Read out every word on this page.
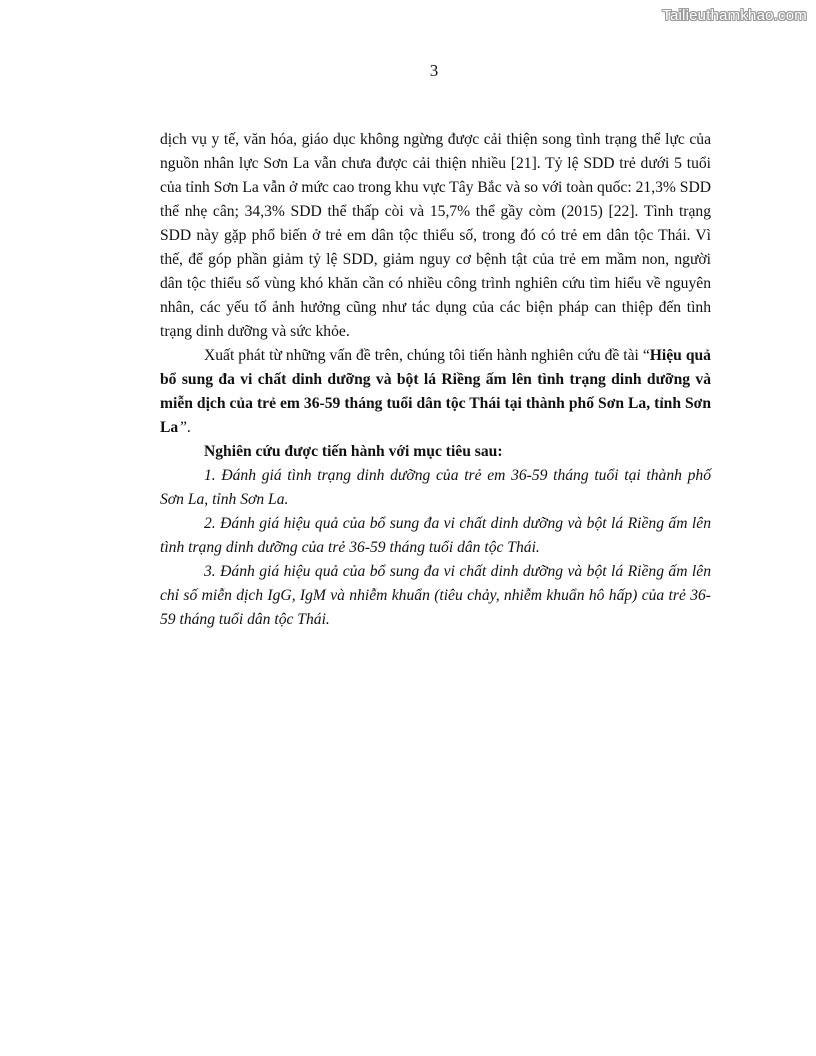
Tailieuthamkhao.com
3

dịch vụ y tế, văn hóa, giáo dục không ngừng được cải thiện song tình trạng thể lực của nguồn nhân lực Sơn La vẫn chưa được cải thiện nhiều [21]. Tỷ lệ SDD trẻ dưới 5 tuổi của tỉnh Sơn La vẫn ở mức cao trong khu vực Tây Bắc và so với toàn quốc: 21,3% SDD thể nhẹ cân; 34,3% SDD thể thấp còi và 15,7% thể gầy còm (2015) [22]. Tình trạng SDD này gặp phổ biến ở trẻ em dân tộc thiểu số, trong đó có trẻ em dân tộc Thái. Vì thế, để góp phần giảm tỷ lệ SDD, giảm nguy cơ bệnh tật của trẻ em mầm non, người dân tộc thiểu số vùng khó khăn cần có nhiều công trình nghiên cứu tìm hiểu về nguyên nhân, các yếu tố ảnh hưởng cũng như tác dụng của các biện pháp can thiệp đến tình trạng dinh dưỡng và sức khỏe.

Xuất phát từ những vấn đề trên, chúng tôi tiến hành nghiên cứu đề tài “Hiệu quả bổ sung đa vi chất dinh dưỡng và bột lá Riềng ấm lên tình trạng dinh dưỡng và miễn dịch của trẻ em 36-59 tháng tuổi dân tộc Thái tại thành phố Sơn La, tỉnh Sơn La”.

Nghiên cứu được tiến hành với mục tiêu sau:

1. Đánh giá tình trạng dinh dưỡng của trẻ em 36-59 tháng tuổi tại thành phố Sơn La, tỉnh Sơn La.

2. Đánh giá hiệu quả của bổ sung đa vi chất dinh dưỡng và bột lá Riềng ấm lên tình trạng dinh dưỡng của trẻ 36-59 tháng tuổi dân tộc Thái.

3. Đánh giá hiệu quả của bổ sung đa vi chất dinh dưỡng và bột lá Riềng ấm lên chỉ số miễn dịch IgG, IgM và nhiễm khuẩn (tiêu chảy, nhiễm khuẩn hô hấp) của trẻ 36-59 tháng tuổi dân tộc Thái.
